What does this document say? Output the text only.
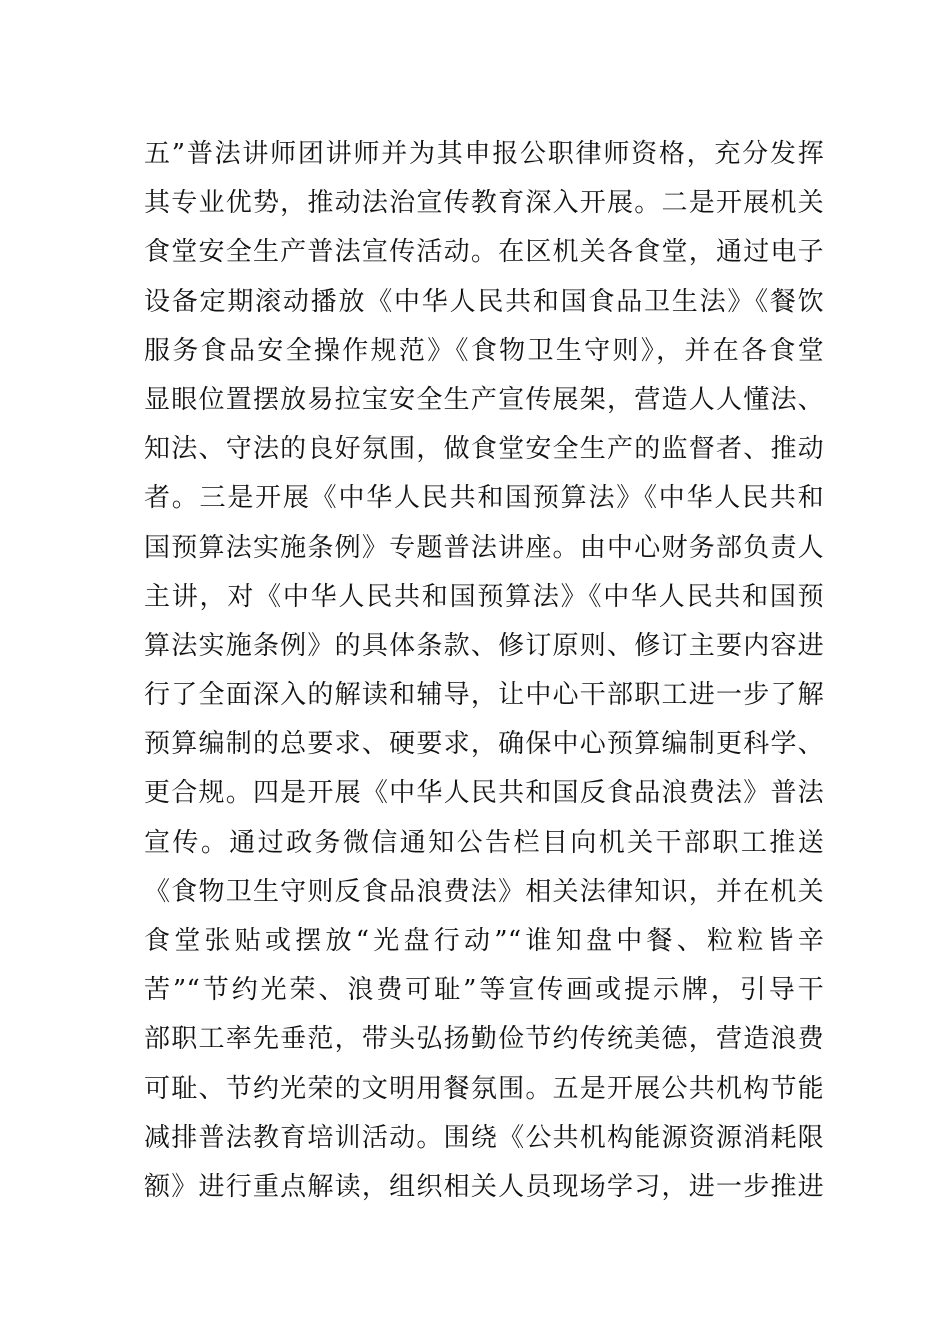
五”普法讲师团讲师并为其申报公职律师资格，充分发挥
其专业优势，推动法治宣传教育深入开展。二是开展机关
食堂安全生产普法宣传活动。在区机关各食堂，通过电子
设备定期滚动播放《中华人民共和国食品卫生法》《餐饮
服务食品安全操作规范》《食物卫生守则》，并在各食堂
显眼位置摆放易拉宝安全生产宣传展架，营造人人懂法、
知法、守法的良好氛围，做食堂安全生产的监督者、推动
者。三是开展《中华人民共和国预算法》《中华人民共和
国预算法实施条例》专题普法讲座。由中心财务部负责人
主讲，对《中华人民共和国预算法》《中华人民共和国预
算法实施条例》的具体条款、修订原则、修订主要内容进
行了全面深入的解读和辅导，让中心干部职工进一步了解
预算编制的总要求、硬要求，确保中心预算编制更科学、
更合规。四是开展《中华人民共和国反食品浪费法》普法
宣传。通过政务微信通知公告栏目向机关干部职工推送
《食物卫生守则反食品浪费法》相关法律知识，并在机关
食堂张贴或摆放“光盘行动”“谁知盘中餐、粒粒皆辛
苦”“节约光荣、浪费可耻”等宣传画或提示牌，引导干
部职工率先垂范，带头弘扬勤俭节约传统美德，营造浪费
可耻、节约光荣的文明用餐氛围。五是开展公共机构节能
减排普法教育培训活动。围绕《公共机构能源资源消耗限
额》进行重点解读，组织相关人员现场学习，进一步推进
